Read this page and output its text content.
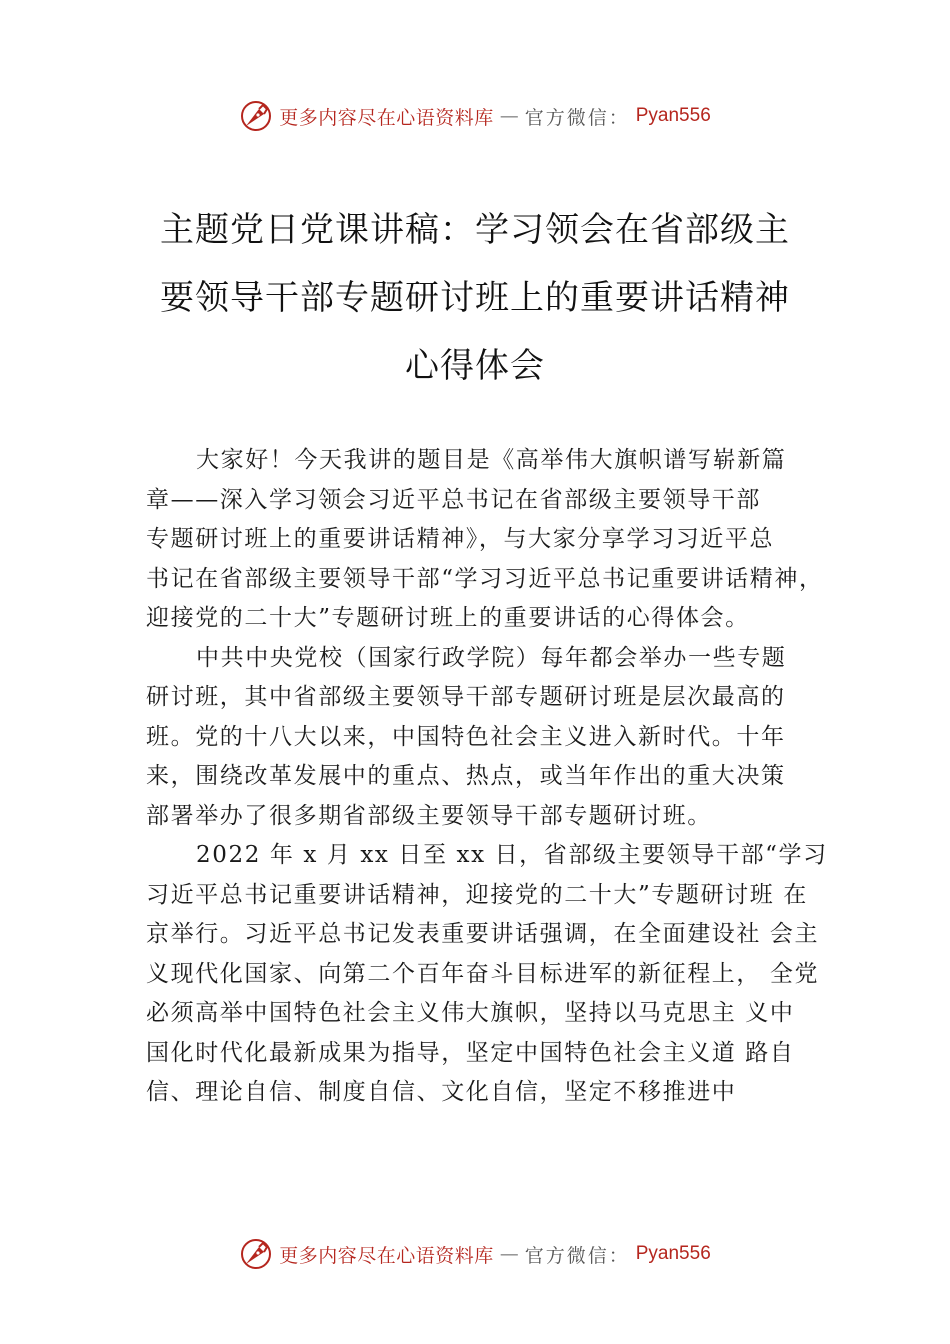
更多内容尽在心语资料库 — 官方微信： Pyan556
主题党日党课讲稿：学习领会在省部级主
要领导干部专题研讨班上的重要讲话精神
心得体会
大家好！今天我讲的题目是《高举伟大旗帜谱写崭新篇
章——深入学习领会习近平总书记在省部级主要领导干部
专题研讨班上的重要讲话精神》，与大家分享学习习近平总
书记在省部级主要领导干部“学习习近平总书记重要讲话精神，
迎接党的二十大”专题研讨班上的重要讲话的心得体会。
中共中央党校（国家行政学院）每年都会举办一些专题
研讨班，其中省部级主要领导干部专题研讨班是层次最高的
班。党的十八大以来，中国特色社会主义进入新时代。十年
来，围绕改革发展中的重点、热点，或当年作出的重大决策
部署举办了很多期省部级主要领导干部专题研讨班。
2022 年 x 月 xx 日至 xx 日，省部级主要领导干部“学习
习近平总书记重要讲话精神，迎接党的二十大”专题研讨班 在
京举行。习近平总书记发表重要讲话强调，在全面建设社 会主
义现代化国家、向第二个百年奋斗目标进军的新征程上， 全党
必须高举中国特色社会主义伟大旗帜，坚持以马克思主 义中
国化时代化最新成果为指导，坚定中国特色社会主义道 路自
信、理论自信、制度自信、文化自信，坚定不移推进中
更多内容尽在心语资料库 — 官方微信： Pyan556
